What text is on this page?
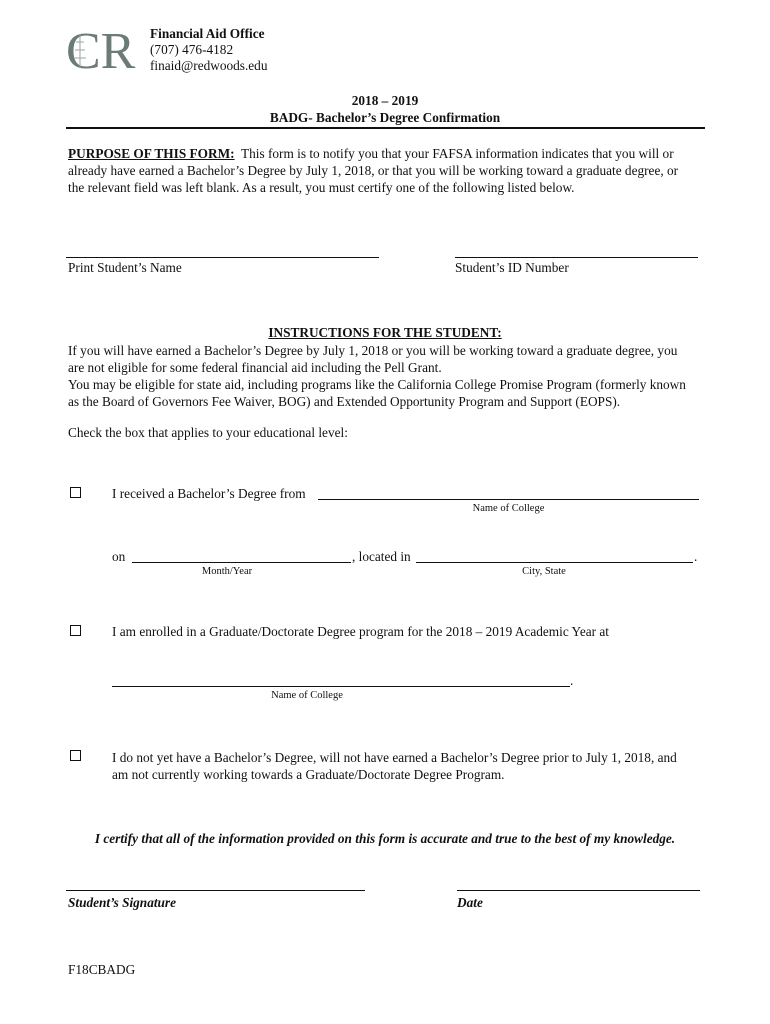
CR Financial Aid Office
(707) 476-4182
finaid@redwoods.edu
2018 – 2019
BADG- Bachelor’s Degree Confirmation
PURPOSE OF THIS FORM: This form is to notify you that your FAFSA information indicates that you will or
already have earned a Bachelor’s Degree by July 1, 2018, or that you will be working toward a graduate degree, or
the relevant field was left blank. As a result, you must certify one of the following listed below.
Print Student’s Name	Student’s ID Number
INSTRUCTIONS FOR THE STUDENT:
If you will have earned a Bachelor’s Degree by July 1, 2018 or you will be working toward a graduate degree, you
are not eligible for some federal financial aid including the Pell Grant.
You may be eligible for state aid, including programs like the California College Promise Program (formerly known
as the Board of Governors Fee Waiver, BOG) and Extended Opportunity Program and Support (EOPS).
Check the box that applies to your educational level:
I received a Bachelor’s Degree from
Name of College
on	, located in	.
Month/Year	City, State
I am enrolled in a Graduate/Doctorate Degree program for the 2018 – 2019 Academic Year at
.
Name of College
I do not yet have a Bachelor’s Degree, will not have earned a Bachelor’s Degree prior to July 1, 2018, and
am not currently working towards a Graduate/Doctorate Degree Program.
I certify that all of the information provided on this form is accurate and true to the best of my knowledge.
Student’s Signature	Date
F18CBADG
